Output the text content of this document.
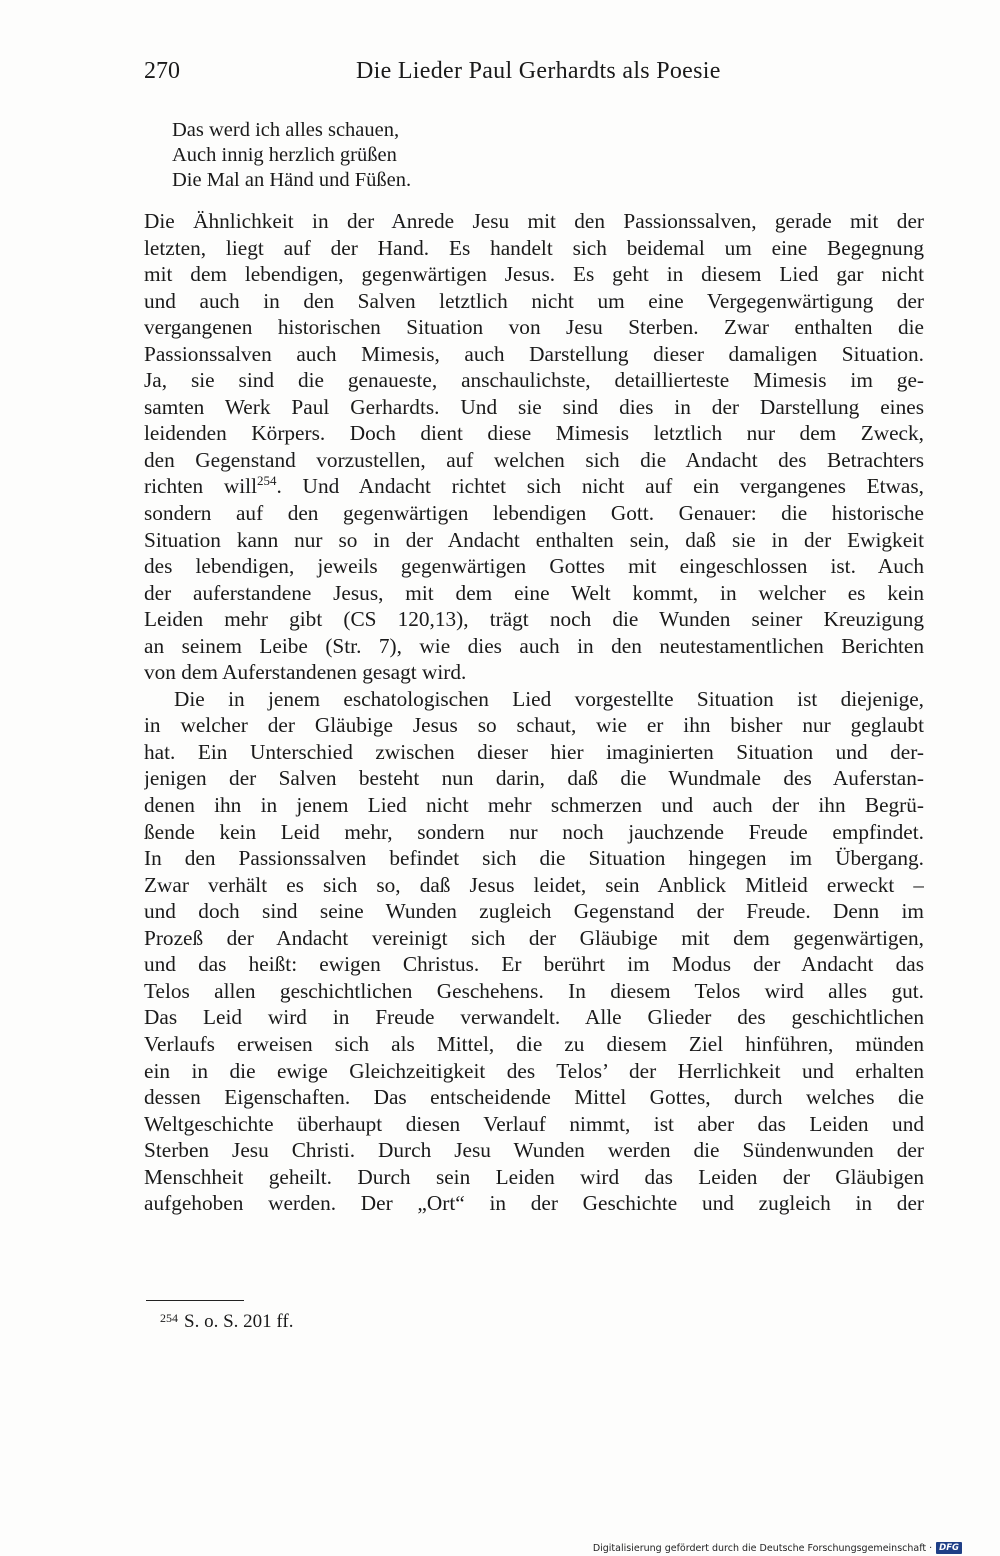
270	Die Lieder Paul Gerhardts als Poesie
Das werd ich alles schauen,
Auch innig herzlich grüßen
Die Mal an Händ und Füßen.
Die Ähnlichkeit in der Anrede Jesu mit den Passionssalven, gerade mit der
letzten, liegt auf der Hand. Es handelt sich beidemal um eine Begegnung
mit dem lebendigen, gegenwärtigen Jesus. Es geht in diesem Lied gar nicht
und auch in den Salven letztlich nicht um eine Vergegenwärtigung der
vergangenen historischen Situation von Jesu Sterben. Zwar enthalten die
Passionssalven auch Mimesis, auch Darstellung dieser damaligen Situation.
Ja, sie sind die genaueste, anschaulichste, detaillierteste Mimesis im ge-
samten Werk Paul Gerhardts. Und sie sind dies in der Darstellung eines
leidenden Körpers. Doch dient diese Mimesis letztlich nur dem Zweck,
den Gegenstand vorzustellen, auf welchen sich die Andacht des Betrachters
richten will$^{254}$. Und Andacht richtet sich nicht auf ein vergangenes Etwas,
sondern auf den gegenwärtigen lebendigen Gott. Genauer: die historische
Situation kann nur so in der Andacht enthalten sein, daß sie in der Ewigkeit
des lebendigen, jeweils gegenwärtigen Gottes mit eingeschlossen ist. Auch
der auferstandene Jesus, mit dem eine Welt kommt, in welcher es kein
Leiden mehr gibt (CS 120,13), trägt noch die Wunden seiner Kreuzigung
an seinem Leibe (Str. 7), wie dies auch in den neutestamentlichen Berichten
von dem Auferstandenen gesagt wird.
Die in jenem eschatologischen Lied vorgestellte Situation ist diejenige,
in welcher der Gläubige Jesus so schaut, wie er ihn bisher nur geglaubt
hat. Ein Unterschied zwischen dieser hier imaginierten Situation und der-
jenigen der Salven besteht nun darin, daß die Wundmale des Auferstan-
denen ihn in jenem Lied nicht mehr schmerzen und auch der ihn Begrü-
ßende kein Leid mehr, sondern nur noch jauchzende Freude empfindet.
In den Passionssalven befindet sich die Situation hingegen im Übergang.
Zwar verhält es sich so, daß Jesus leidet, sein Anblick Mitleid erweckt –
und doch sind seine Wunden zugleich Gegenstand der Freude. Denn im
Prozeß der Andacht vereinigt sich der Gläubige mit dem gegenwärtigen,
und das heißt: ewigen Christus. Er berührt im Modus der Andacht das
Telos allen geschichtlichen Geschehens. In diesem Telos wird alles gut.
Das Leid wird in Freude verwandelt. Alle Glieder des geschichtlichen
Verlaufs erweisen sich als Mittel, die zu diesem Ziel hinführen, münden
ein in die ewige Gleichzeitigkeit des Telos’ der Herrlichkeit und erhalten
dessen Eigenschaften. Das entscheidende Mittel Gottes, durch welches die
Weltgeschichte überhaupt diesen Verlauf nimmt, ist aber das Leiden und
Sterben Jesu Christi. Durch Jesu Wunden werden die Sündenwunden der
Menschheit geheilt. Durch sein Leiden wird das Leiden der Gläubigen
aufgehoben werden. Der „Ort“ in der Geschichte und zugleich in der
$^{254}$ S. o. S. 201 ff.
Digitalisierung gefördert durch die Deutsche Forschungsgemeinschaft · DFG
